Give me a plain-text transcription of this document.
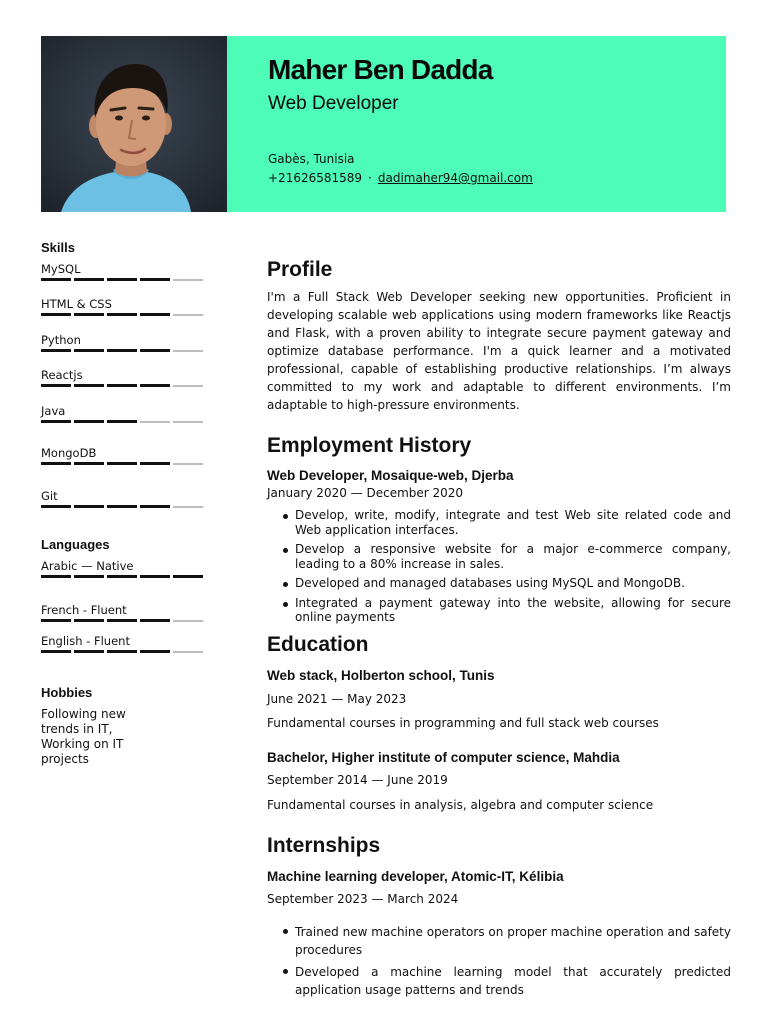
Maher Ben Dadda
Web Developer
Gabès, Tunisia
+21626581589 · dadimaher94@gmail.com
Skills
MySQL
HTML & CSS
Python
Reactjs
Java
MongoDB
Git
Languages
Arabic — Native
French - Fluent
English - Fluent
Hobbies
Following new trends in IT, Working on IT projects
Profile
I'm a Full Stack Web Developer seeking new opportunities. Proficient in developing scalable web applications using modern frameworks like Reactjs and Flask, with a proven ability to integrate secure payment gateway and optimize database performance. I'm a quick learner and a motivated professional, capable of establishing productive relationships. I’m always committed to my work and adaptable to different environments. I’m adaptable to high-pressure environments.
Employment History
Web Developer, Mosaique-web, Djerba
January 2020 — December 2020
Develop, write, modify, integrate and test Web site related code and Web application interfaces.
Develop a responsive website for a major e-commerce company, leading to a 80% increase in sales.
Developed and managed databases using MySQL and MongoDB.
Integrated a payment gateway into the website, allowing for secure online payments
Education
Web stack, Holberton school, Tunis
June 2021 — May 2023
Fundamental courses in programming and full stack web courses
Bachelor, Higher institute of computer science, Mahdia
September 2014 — June 2019
Fundamental courses in analysis, algebra and computer science
Internships
Machine learning developer, Atomic-IT, Kélibia
September 2023 — March 2024
Trained new machine operators on proper machine operation and safety procedures
Developed a machine learning model that accurately predicted application usage patterns and trends
